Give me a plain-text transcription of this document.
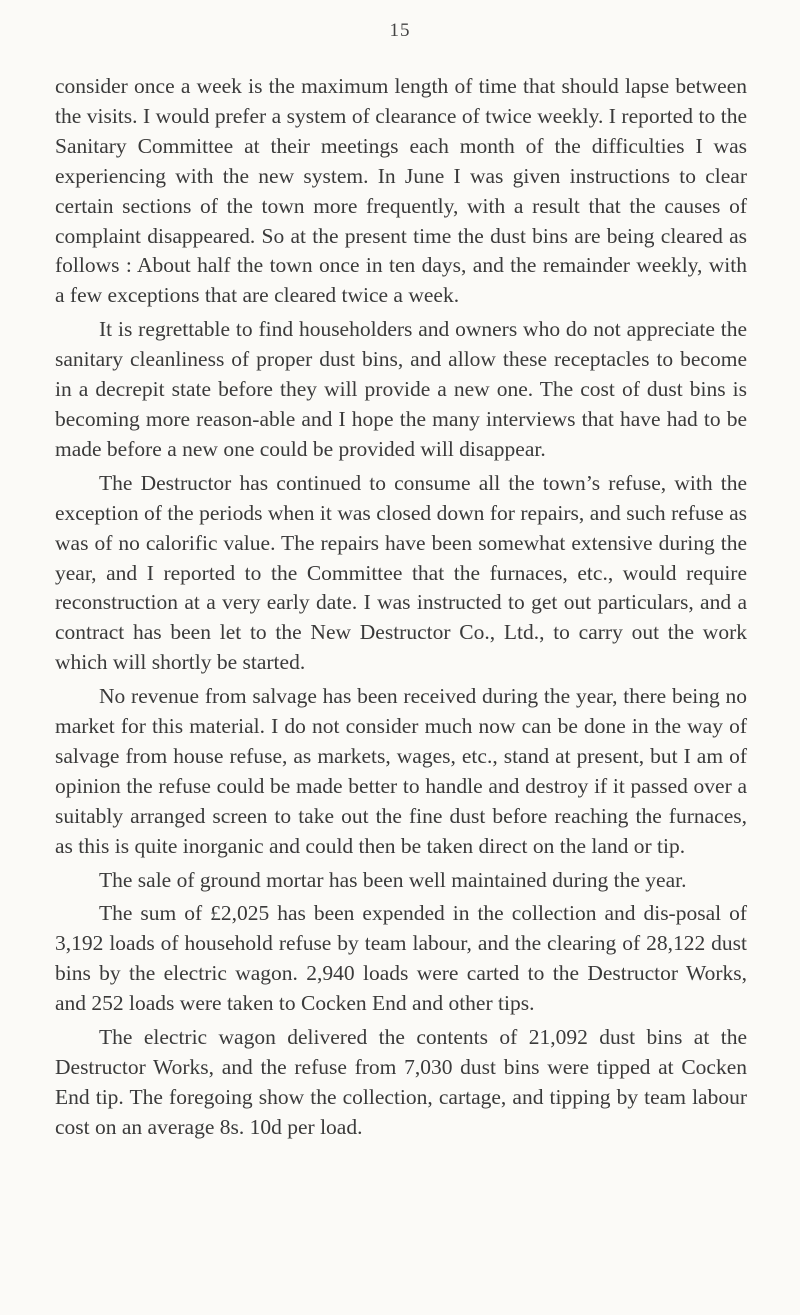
15

consider once a week is the maximum length of time that should lapse between the visits. I would prefer a system of clearance of twice weekly. I reported to the Sanitary Committee at their meetings each month of the difficulties I was experiencing with the new system. In June I was given instructions to clear certain sections of the town more frequently, with a result that the causes of complaint disappeared. So at the present time the dust bins are being cleared as follows : About half the town once in ten days, and the remainder weekly, with a few exceptions that are cleared twice a week.

It is regrettable to find householders and owners who do not appreciate the sanitary cleanliness of proper dust bins, and allow these receptacles to become in a decrepit state before they will provide a new one. The cost of dust bins is becoming more reason-able and I hope the many interviews that have had to be made before a new one could be provided will disappear.

The Destructor has continued to consume all the town’s refuse, with the exception of the periods when it was closed down for repairs, and such refuse as was of no calorific value. The repairs have been somewhat extensive during the year, and I reported to the Committee that the furnaces, etc., would require reconstruction at a very early date. I was instructed to get out particulars, and a contract has been let to the New Destructor Co., Ltd., to carry out the work which will shortly be started.

No revenue from salvage has been received during the year, there being no market for this material. I do not consider much now can be done in the way of salvage from house refuse, as markets, wages, etc., stand at present, but I am of opinion the refuse could be made better to handle and destroy if it passed over a suitably arranged screen to take out the fine dust before reaching the furnaces, as this is quite inorganic and could then be taken direct on the land or tip.

The sale of ground mortar has been well maintained during the year.

The sum of £2,025 has been expended in the collection and dis-posal of 3,192 loads of household refuse by team labour, and the clearing of 28,122 dust bins by the electric wagon. 2,940 loads were carted to the Destructor Works, and 252 loads were taken to Cocken End and other tips.

The electric wagon delivered the contents of 21,092 dust bins at the Destructor Works, and the refuse from 7,030 dust bins were tipped at Cocken End tip. The foregoing show the collection, cartage, and tipping by team labour cost on an average 8s. 10d per load.
